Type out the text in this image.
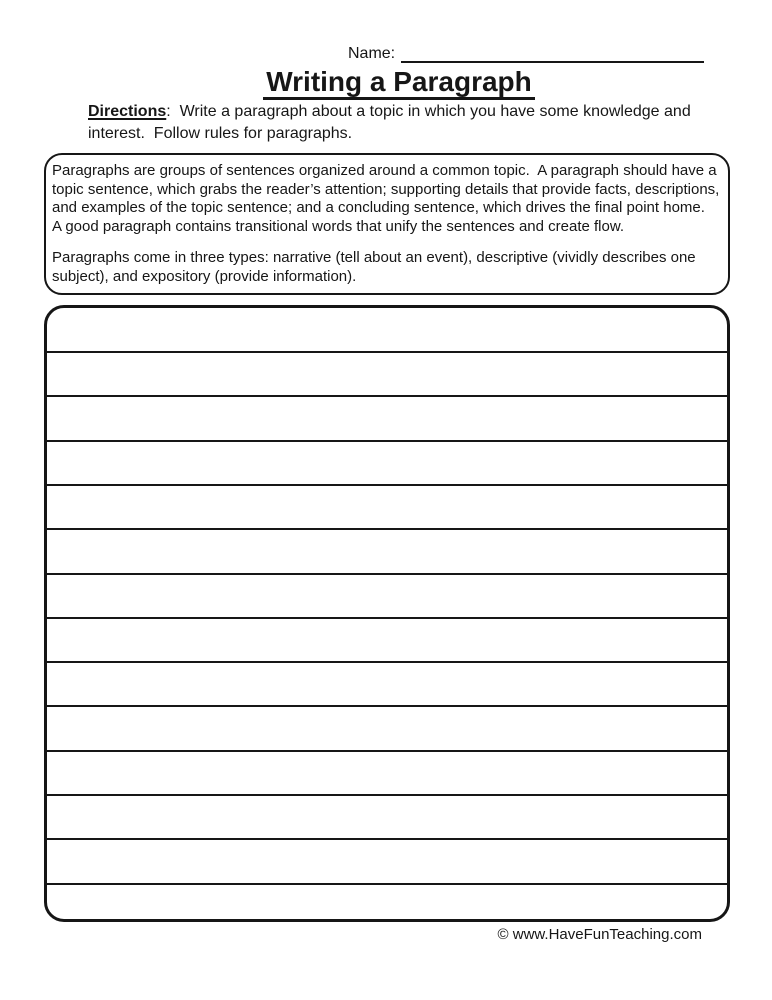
Name:
Writing a Paragraph

Directions:  Write a paragraph about a topic in which you have some knowledge and interest.  Follow rules for paragraphs.

Paragraphs are groups of sentences organized around a common topic.  A paragraph should have a
topic sentence, which grabs the reader’s attention; supporting details that provide facts, descriptions,
and examples of the topic sentence; and a concluding sentence, which drives the final point home.
A good paragraph contains transitional words that unify the sentences and create flow.
Paragraphs come in three types: narrative (tell about an event), descriptive (vividly describes one
subject), and expository (provide information).
© www.HaveFunTeaching.com
